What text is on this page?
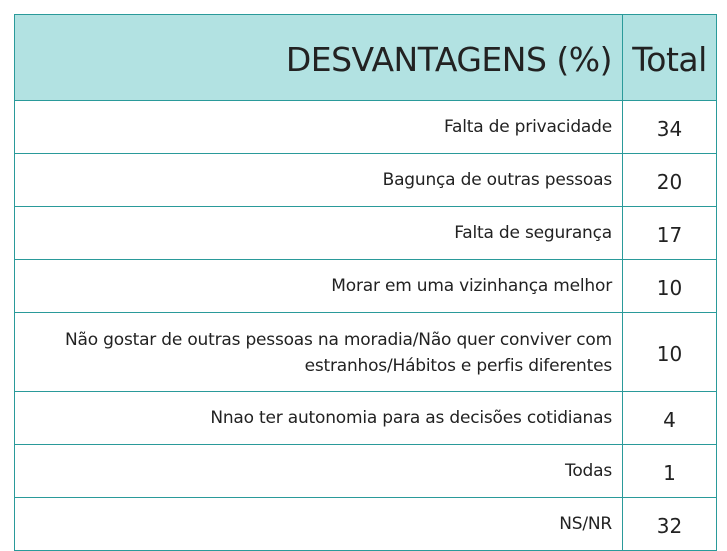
DESVANTAGENS (%)	Total
Falta de privacidade	34
Bagunça de outras pessoas	20
Falta de segurança	17
Morar em uma vizinhança melhor	10
Não gostar de outras pessoas na moradia/Não quer conviver com estranhos/Hábitos e perfis diferentes	10
Nnao ter autonomia para as decisões cotidianas	4
Todas	1
NS/NR	32
